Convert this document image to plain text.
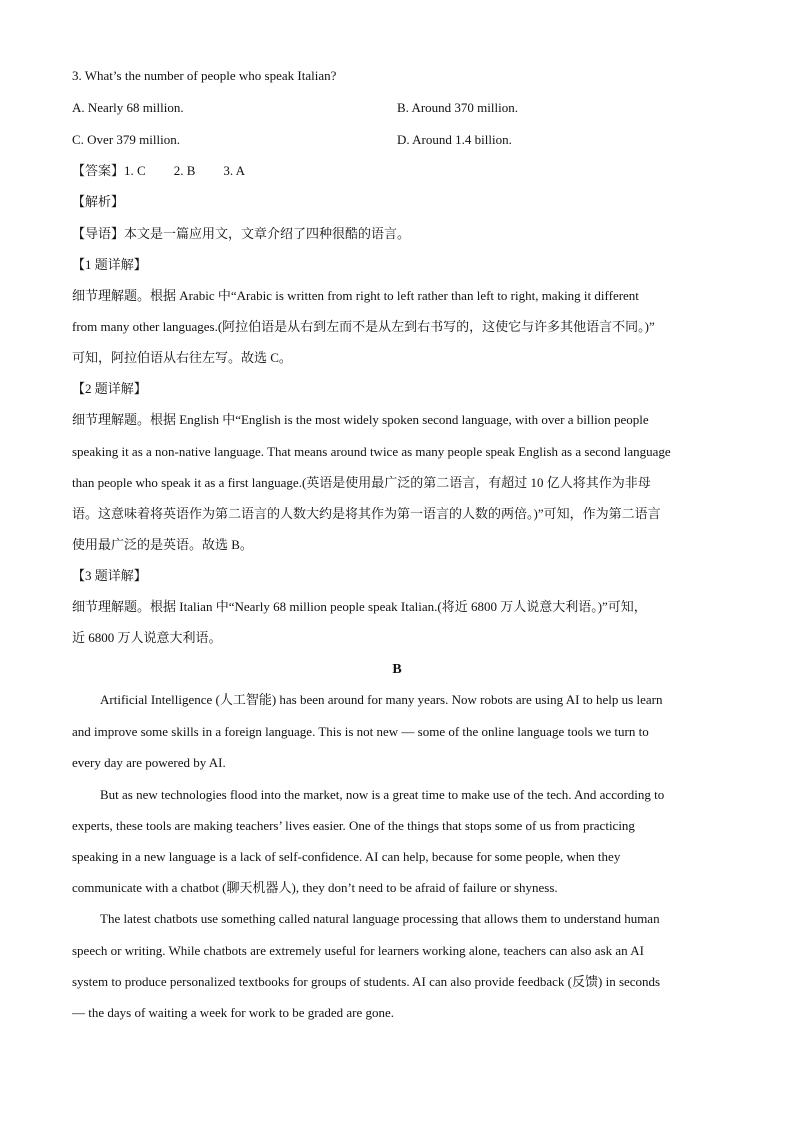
3. What’s the number of people who speak Italian?
A. Nearly 68 million.	B. Around 370 million.
C. Over 379 million.	D. Around 1.4 billion.
【答案】1. C 2. B 3. A
【解析】
【导语】本文是一篇应用文，文章介绍了四种很酷的语言。
【1 题详解】
细节理解题。根据 Arabic 中“Arabic is written from right to left rather than left to right, making it different
from many other languages.(阿拉伯语是从右到左而不是从左到右书写的，这使它与许多其他语言不同。)”
可知，阿拉伯语从右往左写。故选 C。
【2 题详解】
细节理解题。根据 English 中“English is the most widely spoken second language, with over a billion people
speaking it as a non-native language. That means around twice as many people speak English as a second language
than people who speak it as a first language.(英语是使用最广泛的第二语言，有超过 10 亿人将其作为非母
语。这意味着将英语作为第二语言的人数大约是将其作为第一语言的人数的两倍。)”可知，作为第二语言
使用最广泛的是英语。故选 B。
【3 题详解】
细节理解题。根据 Italian 中“Nearly 68 million people speak Italian.(将近 6800 万人说意大利语。)”可知，
近 6800 万人说意大利语。
B
Artificial Intelligence (人工智能) has been around for many years. Now robots are using AI to help us learn
and improve some skills in a foreign language. This is not new — some of the online language tools we turn to
every day are powered by AI.
But as new technologies flood into the market, now is a great time to make use of the tech. And according to
experts, these tools are making teachers’ lives easier. One of the things that stops some of us from practicing
speaking in a new language is a lack of self-confidence. AI can help, because for some people, when they
communicate with a chatbot (聊天机器人), they don’t need to be afraid of failure or shyness.
The latest chatbots use something called natural language processing that allows them to understand human
speech or writing. While chatbots are extremely useful for learners working alone, teachers can also ask an AI
system to produce personalized textbooks for groups of students. AI can also provide feedback (反馈) in seconds
— the days of waiting a week for work to be graded are gone.
